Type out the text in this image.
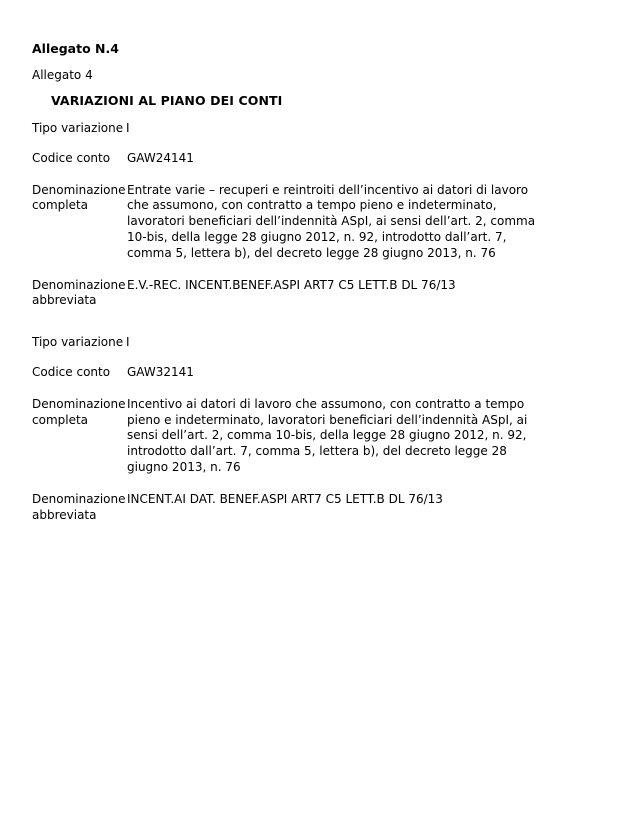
Allegato N.4
Allegato 4
VARIAZIONI AL PIANO DEI CONTI
Tipo variazione I
Codice conto	GAW24141
Denominazione
completa
Entrate varie – recuperi e reintroiti dell’incentivo ai datori di lavoro
che assumono, con contratto a tempo pieno e indeterminato,
lavoratori beneficiari dell’indennità ASpI, ai sensi dell’art. 2, comma
10-bis, della legge 28 giugno 2012, n. 92, introdotto dall’art. 7,
comma 5, lettera b), del decreto legge 28 giugno 2013, n. 76
Denominazione
abbreviata
E.V.-REC. INCENT.BENEF.ASPI ART7 C5 LETT.B DL 76/13
Tipo variazione I
Codice conto	GAW32141
Denominazione
completa
Incentivo ai datori di lavoro che assumono, con contratto a tempo
pieno e indeterminato, lavoratori beneficiari dell’indennità ASpI, ai
sensi dell’art. 2, comma 10-bis, della legge 28 giugno 2012, n. 92,
introdotto dall’art. 7, comma 5, lettera b), del decreto legge 28
giugno 2013, n. 76
Denominazione
abbreviata
INCENT.AI DAT. BENEF.ASPI ART7 C5 LETT.B DL 76/13
